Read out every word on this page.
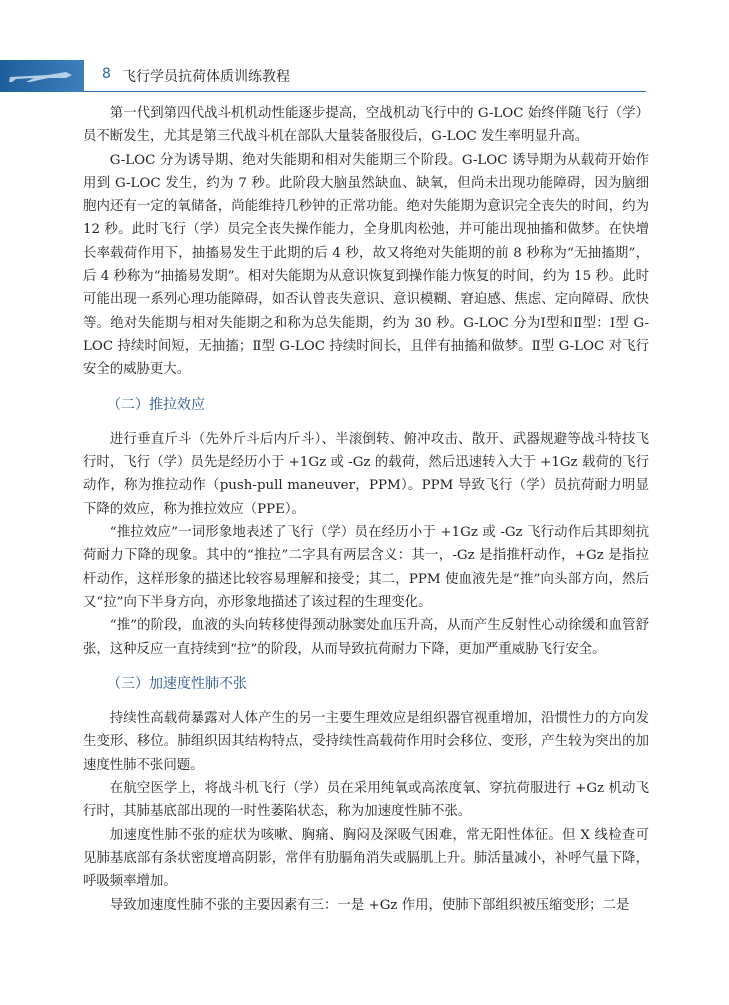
8 飞行学员抗荷体质训练教程

第一代到第四代战斗机机动性能逐步提高，空战机动飞行中的 G-LOC 始终伴随飞行（学）员不断发生，尤其是第三代战斗机在部队大量装备服役后，G-LOC 发生率明显升高。

G-LOC 分为诱导期、绝对失能期和相对失能期三个阶段。G-LOC 诱导期为从载荷开始作用到 G-LOC 发生，约为 7 秒。此阶段大脑虽然缺血、缺氧，但尚未出现功能障碍，因为脑细胞内还有一定的氧储备，尚能维持几秒钟的正常功能。绝对失能期为意识完全丧失的时间，约为 12 秒。此时飞行（学）员完全丧失操作能力，全身肌肉松弛，并可能出现抽搐和做梦。在快增长率载荷作用下，抽搐易发生于此期的后 4 秒，故又将绝对失能期的前 8 秒称为“无抽搐期”，后 4 秒称为“抽搐易发期”。相对失能期为从意识恢复到操作能力恢复的时间，约为 15 秒。此时可能出现一系列心理功能障碍，如否认曾丧失意识、意识模糊、窘迫感、焦虑、定向障碍、欣快等。绝对失能期与相对失能期之和称为总失能期，约为 30 秒。G-LOC 分为Ⅰ型和Ⅱ型：Ⅰ型 G-LOC 持续时间短，无抽搐；Ⅱ型 G-LOC 持续时间长，且伴有抽搐和做梦。Ⅱ型 G-LOC 对飞行安全的威胁更大。

（二）推拉效应

进行垂直斤斗（先外斤斗后内斤斗）、半滚倒转、俯冲攻击、散开、武器规避等战斗特技飞行时，飞行（学）员先是经历小于 +1Gz 或 -Gz 的载荷，然后迅速转入大于 +1Gz 载荷的飞行动作，称为推拉动作（push-pull maneuver，PPM）。PPM 导致飞行（学）员抗荷耐力明显下降的效应，称为推拉效应（PPE）。

“推拉效应”一词形象地表述了飞行（学）员在经历小于 +1Gz 或 -Gz 飞行动作后其即刻抗荷耐力下降的现象。其中的“推拉”二字具有两层含义：其一，-Gz 是指推杆动作，+Gz 是指拉杆动作，这样形象的描述比较容易理解和接受；其二，PPM 使血液先是“推”向头部方向，然后又“拉”向下半身方向，亦形象地描述了该过程的生理变化。

“推”的阶段，血液的头向转移使得颈动脉窦处血压升高，从而产生反射性心动徐缓和血管舒张，这种反应一直持续到“拉”的阶段，从而导致抗荷耐力下降，更加严重威胁飞行安全。

（三）加速度性肺不张

持续性高载荷暴露对人体产生的另一主要生理效应是组织器官视重增加，沿惯性力的方向发生变形、移位。肺组织因其结构特点，受持续性高载荷作用时会移位、变形，产生较为突出的加速度性肺不张问题。

在航空医学上，将战斗机飞行（学）员在采用纯氧或高浓度氧、穿抗荷服进行 +Gz 机动飞行时，其肺基底部出现的一时性萎陷状态，称为加速度性肺不张。

加速度性肺不张的症状为咳嗽、胸痛、胸闷及深吸气困难，常无阳性体征。但 X 线检查可见肺基底部有条状密度增高阴影，常伴有肋膈角消失或膈肌上升。肺活量减小，补呼气量下降，呼吸频率增加。

导致加速度性肺不张的主要因素有三：一是 +Gz 作用，使肺下部组织被压缩变形；二是
